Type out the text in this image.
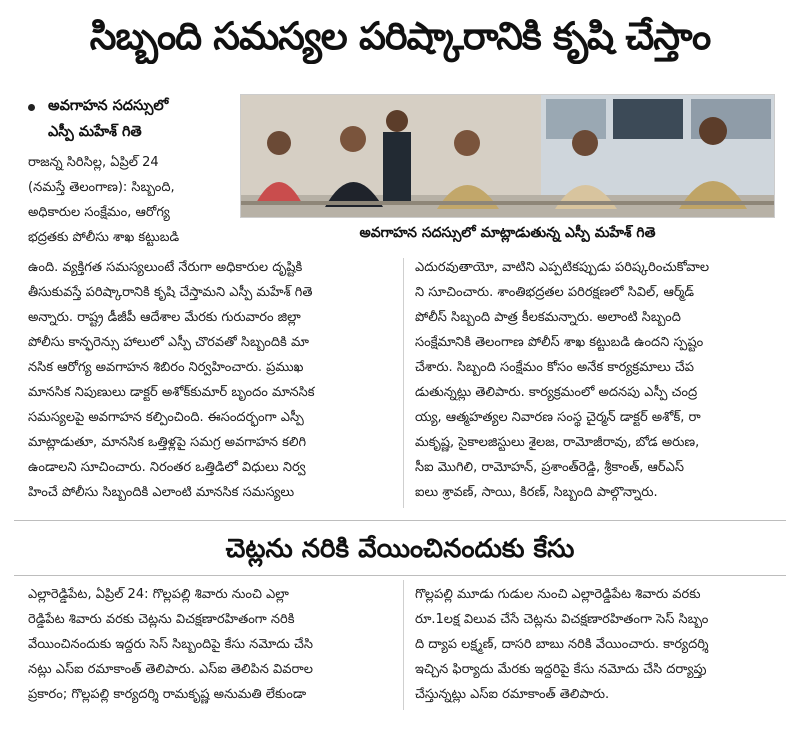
సిబ్బంది సమస్యల పరిష్కారానికి కృషి చేస్తాం
అవగాహన సదస్సులో
ఎస్పీ మహేశ్ గితె
అవగాహన సదస్సులో మాట్లాడుతున్న ఎస్పీ మహేశ్ గితె
రాజన్న సిరిసిల్ల, ఏప్రిల్ 24
(నమస్తే తెలంగాణ): సిబ్బంది,
అధికారుల సంక్షేమం, ఆరోగ్య
భద్రతకు పోలీసు శాఖ కట్టుబడి
ఉంది. వ్యక్తిగత సమస్యలుంటే నేరుగా అధికారుల దృష్టికి
తీసుకువస్తే పరిష్కారానికి కృషి చేస్తామని ఎస్పీ మహేశ్ గితె
అన్నారు. రాష్ట్ర డీజీపీ ఆదేశాల మేరకు గురువారం జిల్లా
పోలీసు కాన్ఫరెన్సు హాలులో ఎస్పీ చొరవతో సిబ్బందికి మా
నసిక ఆరోగ్య అవగాహన శిబిరం నిర్వహించారు. ప్రముఖ
మానసిక నిపుణులు డాక్టర్ అశోక్‌కుమార్ బృందం మానసిక
సమస్యలపై అవగాహన కల్పించింది. ఈసందర్భంగా ఎస్పీ
మాట్లాడుతూ, మానసిక ఒత్తిళ్లపై సమగ్ర అవగాహన కలిగి
ఉండాలని సూచించారు. నిరంతర ఒత్తిడిలో విధులు నిర్వ
హించే పోలీసు సిబ్బందికి ఎలాంటి మానసిక సమస్యలు
ఎదురవుతాయో, వాటిని ఎప్పటికప్పుడు పరిష్కరించుకోవాల
ని సూచించారు. శాంతిభద్రతల పరిరక్షణలో సివిల్, ఆర్మ్‌డ్
పోలీస్ సిబ్బంది పాత్ర కీలకమన్నారు. అలాంటి సిబ్బంది
సంక్షేమానికి తెలంగాణ పోలీస్ శాఖ కట్టుబడి ఉందని స్పష్టం
చేశారు. సిబ్బంది సంక్షేమం కోసం అనేక కార్యక్రమాలు చేప
డుతున్నట్లు తెలిపారు. కార్యక్రమంలో అదనపు ఎస్పీ చంద్ర
య్య, ఆత్మహత్యల నివారణ సంస్థ చైర్మన్ డాక్టర్ అశోక్, రా
మకృష్ణ, సైకాలజిస్టులు శైలజ, రామోజీరావు, బోడ అరుణ,
సీఐ మొగిలి, రామోహన్, ప్రశాంత్‌రెడ్డి, శ్రీకాంత్, ఆర్‌ఎస్
ఐలు శ్రావణ్, సాయి, కిరణ్, సిబ్బంది పాల్గొన్నారు.
చెట్లను నరికి వేయించినందుకు కేసు
ఎల్లారెడ్డిపేట, ఏప్రిల్ 24: గొల్లపల్లి శివారు నుంచి ఎల్లా
రెడ్డిపేట శివారు వరకు చెట్లను విచక్షణారహితంగా నరికి
వేయించినందుకు ఇద్దరు సెస్ సిబ్బందిపై కేసు నమోదు చేసి
నట్లు ఎస్ఐ రమాకాంత్ తెలిపారు. ఎస్ఐ తెలిపిన వివరాల
ప్రకారం; గొల్లపల్లి కార్యదర్శి రామకృష్ణ అనుమతి లేకుండా
గొల్లపల్లి మూడు గుడుల నుంచి ఎల్లారెడ్డిపేట శివారు వరకు
రూ.1లక్ష విలువ చేసే చెట్లను విచక్షణారహితంగా సెస్ సిబ్బం
ది ద్యాప లక్ష్మణ్, దాసరి బాబు నరికి వేయించారు. కార్యదర్శి
ఇచ్చిన ఫిర్యాదు మేరకు ఇద్దరిపై కేసు నమోదు చేసి దర్యాప్తు
చేస్తున్నట్లు ఎస్ఐ రమాకాంత్ తెలిపారు.
